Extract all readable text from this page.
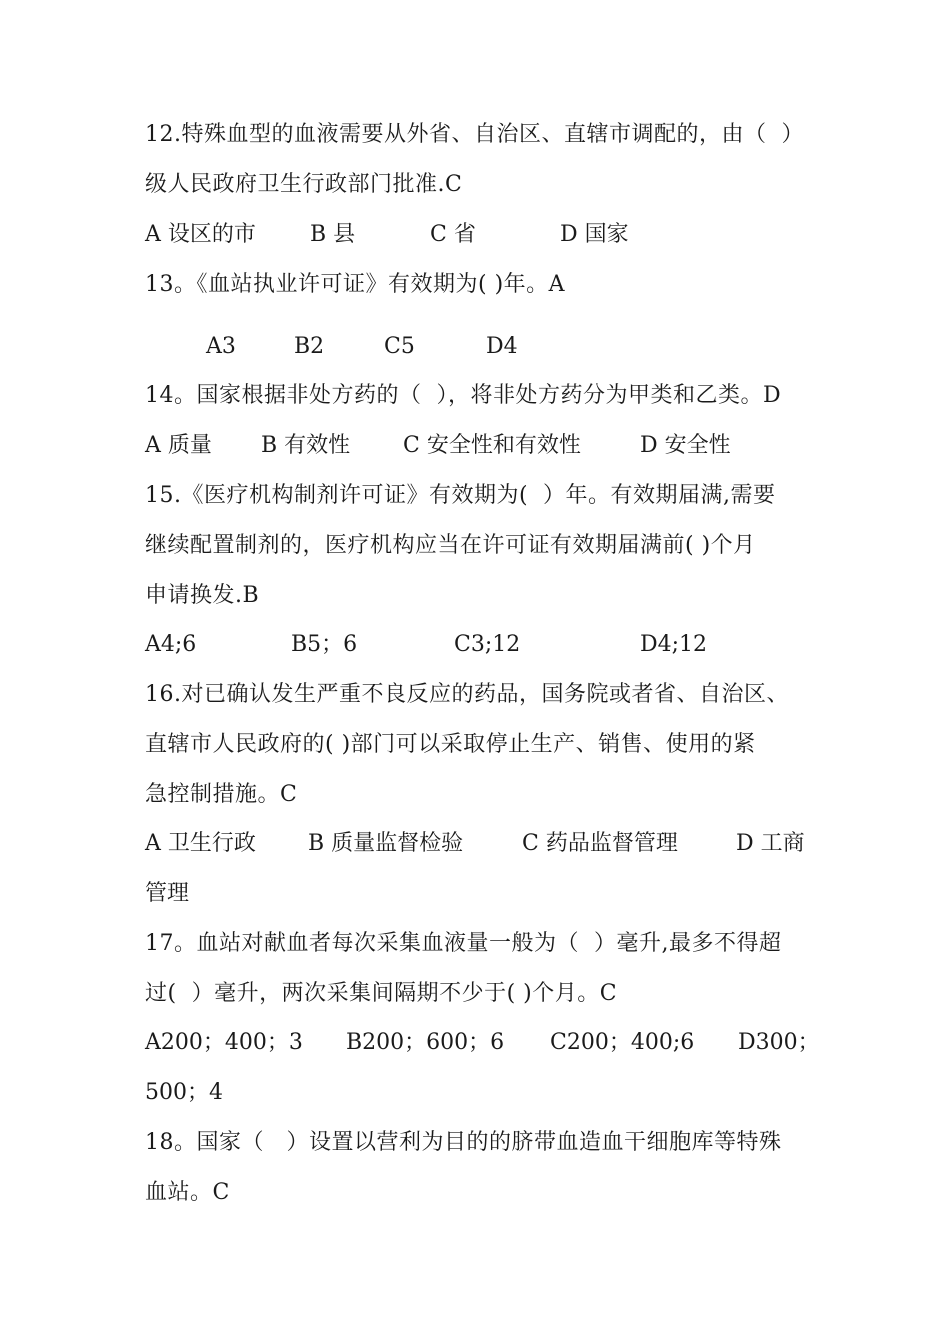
12.特殊血型的血液需要从外省、自治区、直辖市调配的，由（  ）
级人民政府卫生行政部门批准.C
A 设区的市 B 县	C 省	D 国家
13。《血站执业许可证》有效期为( )年。A
A3	B2	C5	D4
14。国家根据非处方药的（  ），将非处方药分为甲类和乙类。D
A 质量 B 有效性 C 安全性和有效性	D 安全性
15.《医疗机构制剂许可证》有效期为(  ）年。有效期届满,需要
继续配置制剂的，医疗机构应当在许可证有效期届满前( )个月
申请换发.B
A4;6	B5；6	C3;12	D4;12
16.对已确认发生严重不良反应的药品，国务院或者省、自治区、
直辖市人民政府的( )部门可以采取停止生产、销售、使用的紧
急控制措施。C
A 卫生行政 B 质量监督检验	C 药品监督管理	D 工商
管理
17。血站对献血者每次采集血液量一般为（  ）毫升,最多不得超
过(  ）毫升，两次采集间隔期不少于( )个月。C
A200；400；3 B200；600；6 C200；400;6 D300；
500；4
18。国家（   ）设置以营利为目的的脐带血造血干细胞库等特殊
血站。C
